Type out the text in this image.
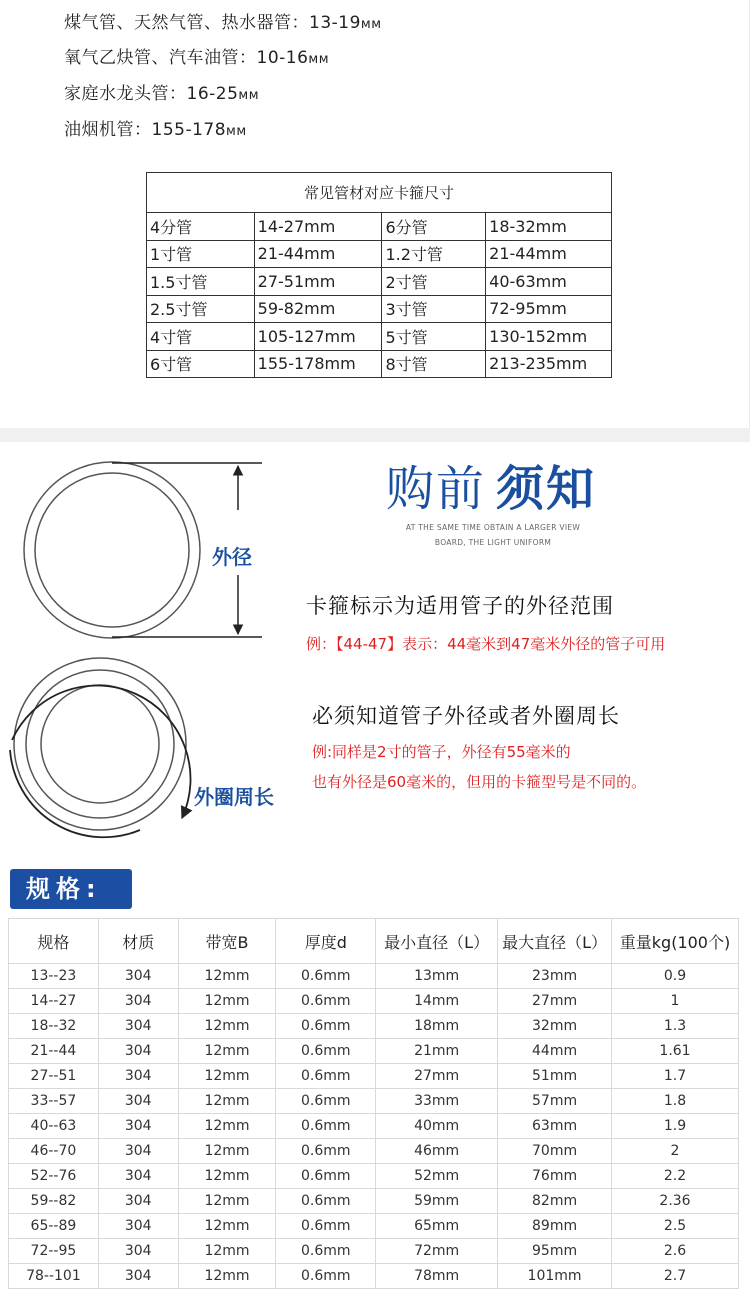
煤气管、天然气管、热水器管：13-19мм
氧气乙炔管、汽车油管：10-16мм
家庭水龙头管：16-25мм
油烟机管：155-178мм
常见管材对应卡箍尺寸			
4分管	14-27mm	6分管	18-32mm
1寸管	21-44mm	1.2寸管	21-44mm
1.5寸管	27-51mm	2寸管	40-63mm
2.5寸管	59-82mm	3寸管	72-95mm
4寸管	105-127mm	5寸管	130-152mm
6寸管	155-178mm	8寸管	213-235mm
外径
外圈周长
购前 须知
AT THE SAME TIME OBTAIN A LARGER VIEW
BOARD, THE LIGHT UNIFORM
卡箍标示为适用管子的外径范围
例：【44-47】表示：44毫米到47毫米外径的管子可用
必须知道管子外径或者外圈周长
例:同样是2寸的管子，外径有55毫米的
也有外径是60毫米的，但用的卡箍型号是不同的。
规格:
规格	材质	带宽B	厚度d	最小直径（L）	最大直径（L）	重量kg(100个)
13--23	304	12mm	0.6mm	13mm	23mm	0.9
14--27	304	12mm	0.6mm	14mm	27mm	1
18--32	304	12mm	0.6mm	18mm	32mm	1.3
21--44	304	12mm	0.6mm	21mm	44mm	1.61
27--51	304	12mm	0.6mm	27mm	51mm	1.7
33--57	304	12mm	0.6mm	33mm	57mm	1.8
40--63	304	12mm	0.6mm	40mm	63mm	1.9
46--70	304	12mm	0.6mm	46mm	70mm	2
52--76	304	12mm	0.6mm	52mm	76mm	2.2
59--82	304	12mm	0.6mm	59mm	82mm	2.36
65--89	304	12mm	0.6mm	65mm	89mm	2.5
72--95	304	12mm	0.6mm	72mm	95mm	2.6
78--101	304	12mm	0.6mm	78mm	101mm	2.7
